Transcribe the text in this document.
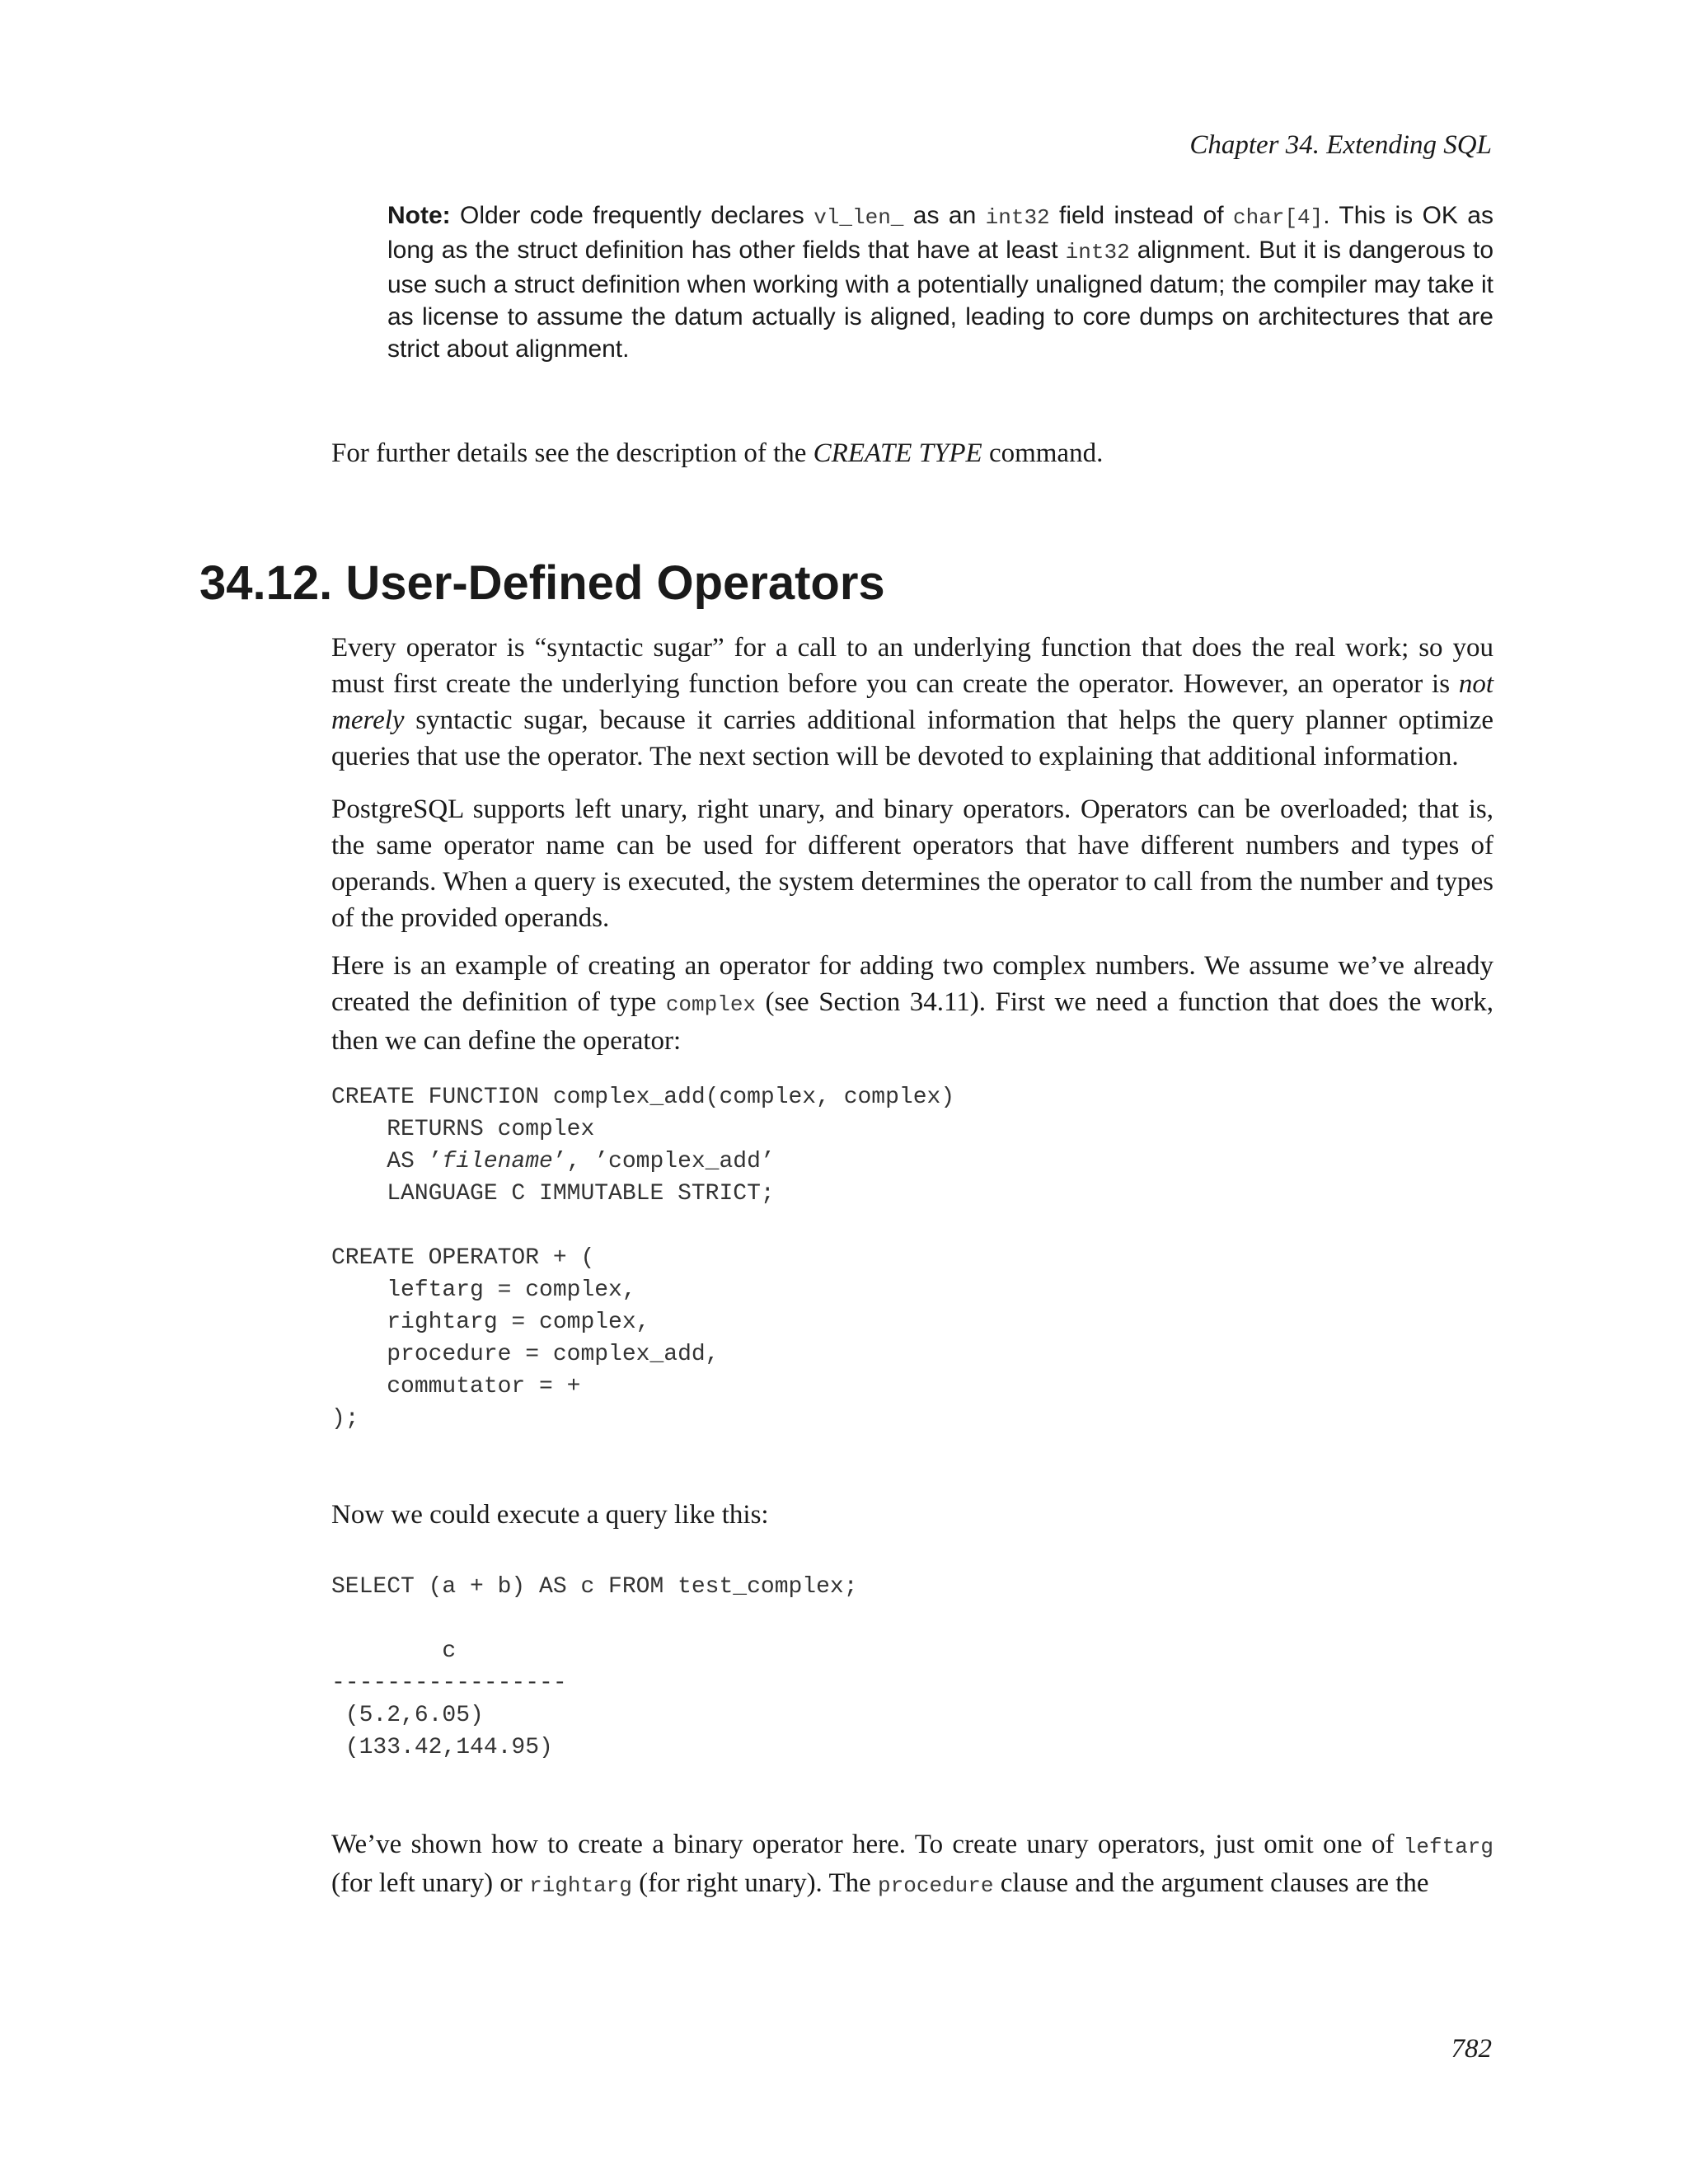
Chapter 34. Extending SQL
Note: Older code frequently declares vl_len_ as an int32 field instead of char[4]. This is OK as long as the struct definition has other fields that have at least int32 alignment. But it is dangerous to use such a struct definition when working with a potentially unaligned datum; the compiler may take it as license to assume the datum actually is aligned, leading to core dumps on architectures that are strict about alignment.
For further details see the description of the CREATE TYPE command.
34.12. User-Defined Operators
Every operator is “syntactic sugar” for a call to an underlying function that does the real work; so you must first create the underlying function before you can create the operator. However, an operator is not merely syntactic sugar, because it carries additional information that helps the query planner optimize queries that use the operator. The next section will be devoted to explaining that additional information.
PostgreSQL supports left unary, right unary, and binary operators. Operators can be overloaded; that is, the same operator name can be used for different operators that have different numbers and types of operands. When a query is executed, the system determines the operator to call from the number and types of the provided operands.
Here is an example of creating an operator for adding two complex numbers. We assume we’ve already created the definition of type complex (see Section 34.11). First we need a function that does the work, then we can define the operator:
CREATE FUNCTION complex_add(complex, complex)
RETURNS complex
AS ’filename’, ’complex_add’
LANGUAGE C IMMUTABLE STRICT;

CREATE OPERATOR + (
leftarg = complex,
rightarg = complex,
procedure = complex_add,
commutator = +
);
Now we could execute a query like this:
SELECT (a + b) AS c FROM test_complex;

c
-----------------
(5.2,6.05)
(133.42,144.95)
We’ve shown how to create a binary operator here. To create unary operators, just omit one of leftarg (for left unary) or rightarg (for right unary). The procedure clause and the argument clauses are the
782
